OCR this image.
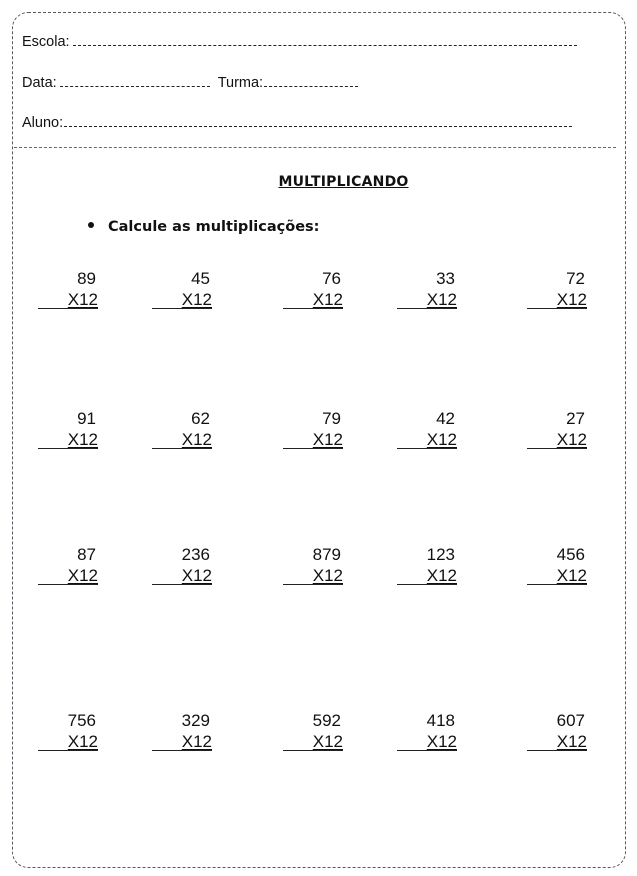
Escola:
Data:	Turma:
Aluno:
MULTIPLICANDO
Calcule as multiplicações:
89
X12
45
X12
76
X12
33
X12
72
X12
91
X12
62
X12
79
X12
42
X12
27
X12
87
X12
236
X12
879
X12
123
X12
456
X12
756
X12
329
X12
592
X12
418
X12
607
X12
